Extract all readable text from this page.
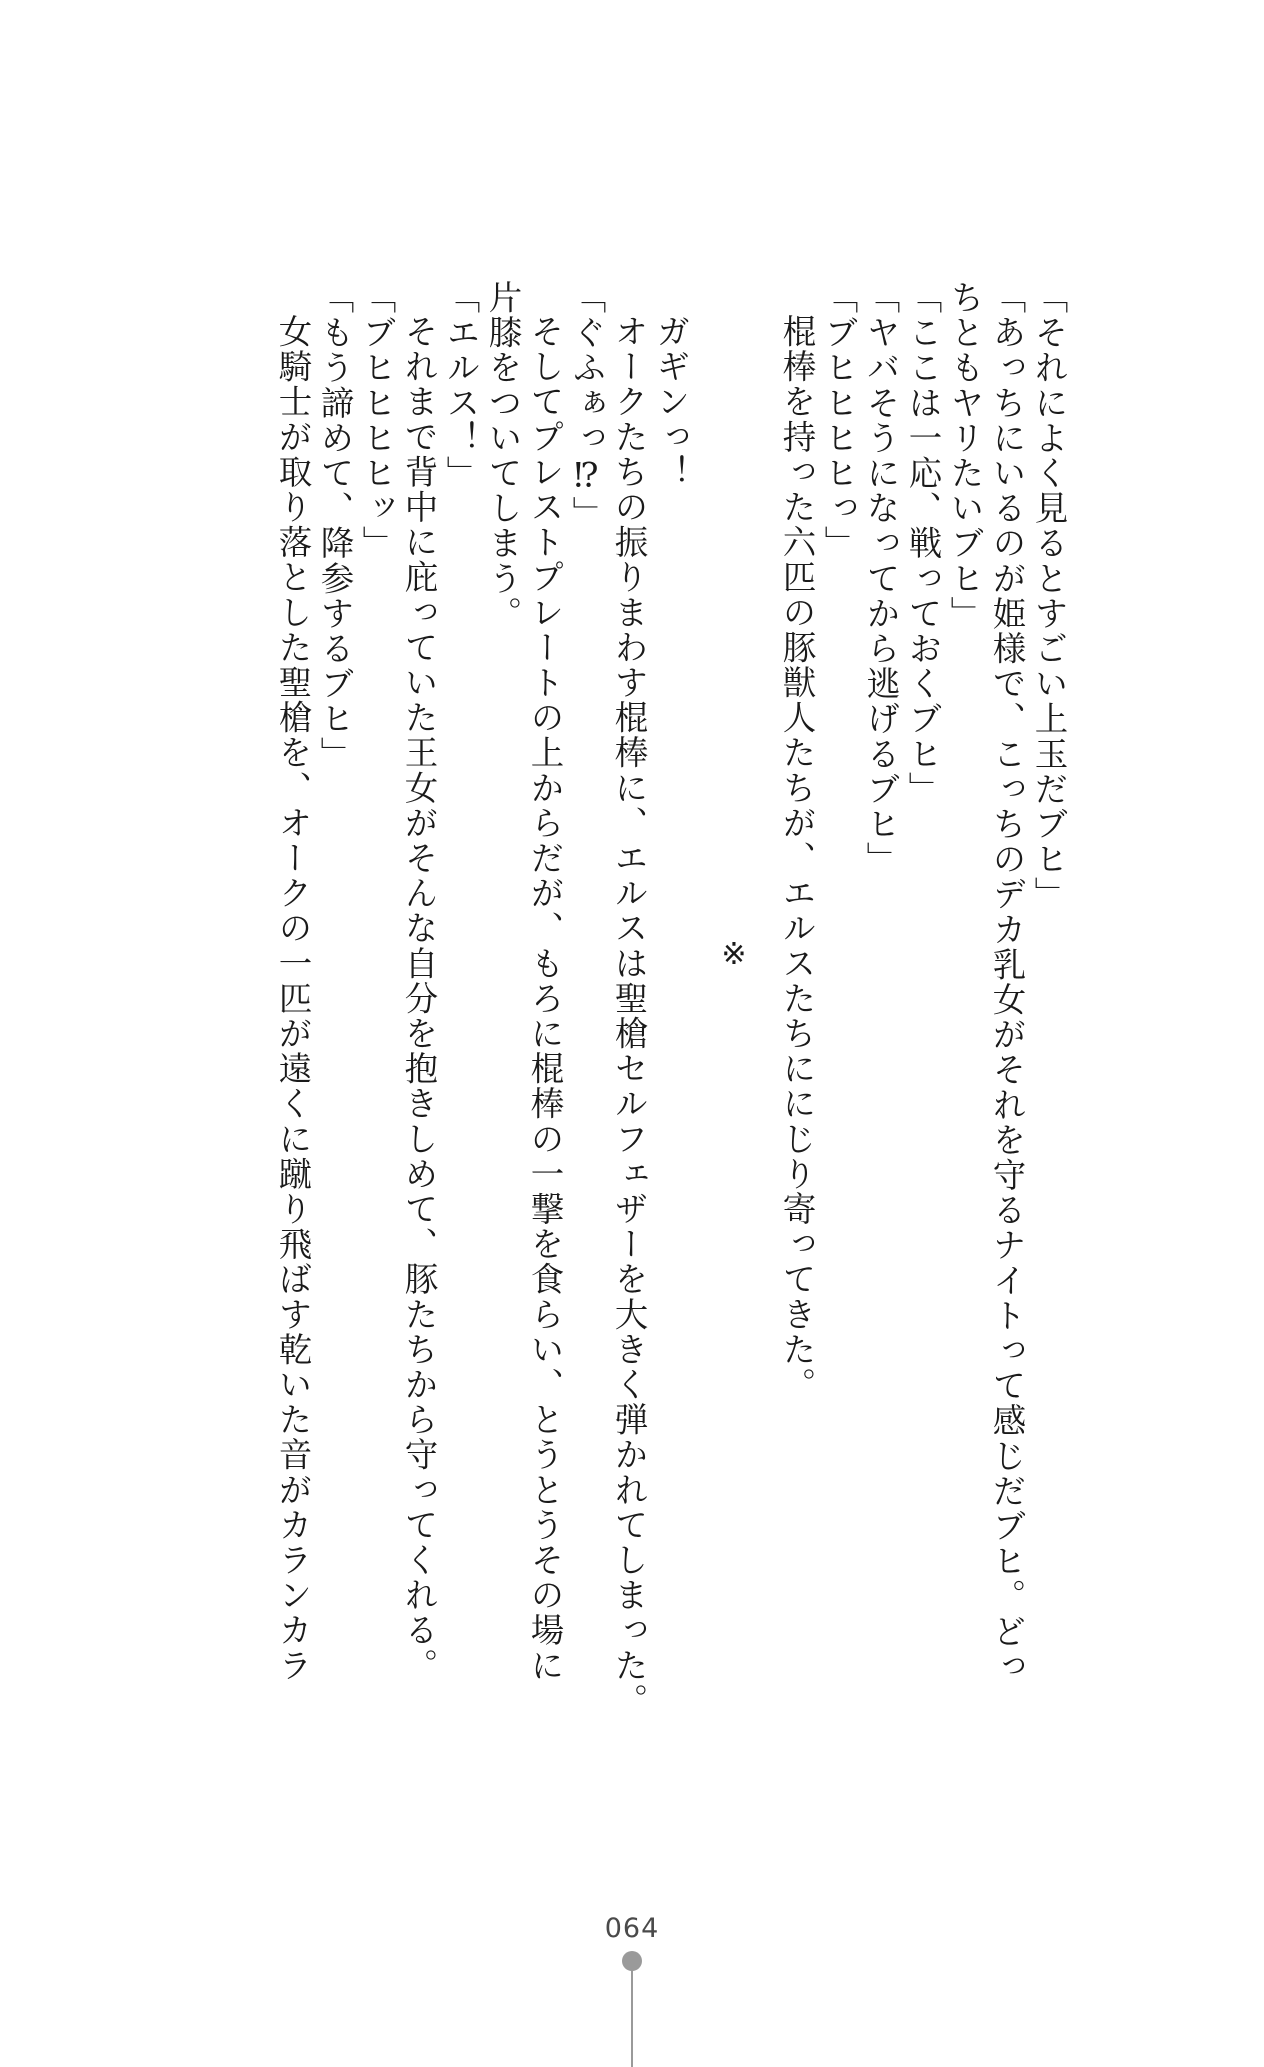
「それによく見るとすごい上玉だブヒ」
「あっちにいるのが姫様で、こっちのデカ乳女がそれを守るナイトって感じだブヒ。どっ
ちともヤリたいブヒ」
「ここは一応、戦っておくブヒ」
「ヤバそうになってから逃げるブヒ」
「ブヒヒヒヒっ」
棍棒を持った六匹の豚獣人たちが、エルスたちににじり寄ってきた。
※
ガギンっ！
オークたちの振りまわす棍棒に、エルスは聖槍セルフェザーを大きく弾かれてしまった。
「ぐふぁっ⁉」
そしてプレストプレートの上からだが、もろに棍棒の一撃を食らい、とうとうその場に
片膝をついてしまう。
「エルス！」
それまで背中に庇っていた王女がそんな自分を抱きしめて、豚たちから守ってくれる。
「ブヒヒヒヒッ」
「もう諦めて、降参するブヒ」
女騎士が取り落とした聖槍を、オークの一匹が遠くに蹴り飛ばす乾いた音がカランカラ
064
